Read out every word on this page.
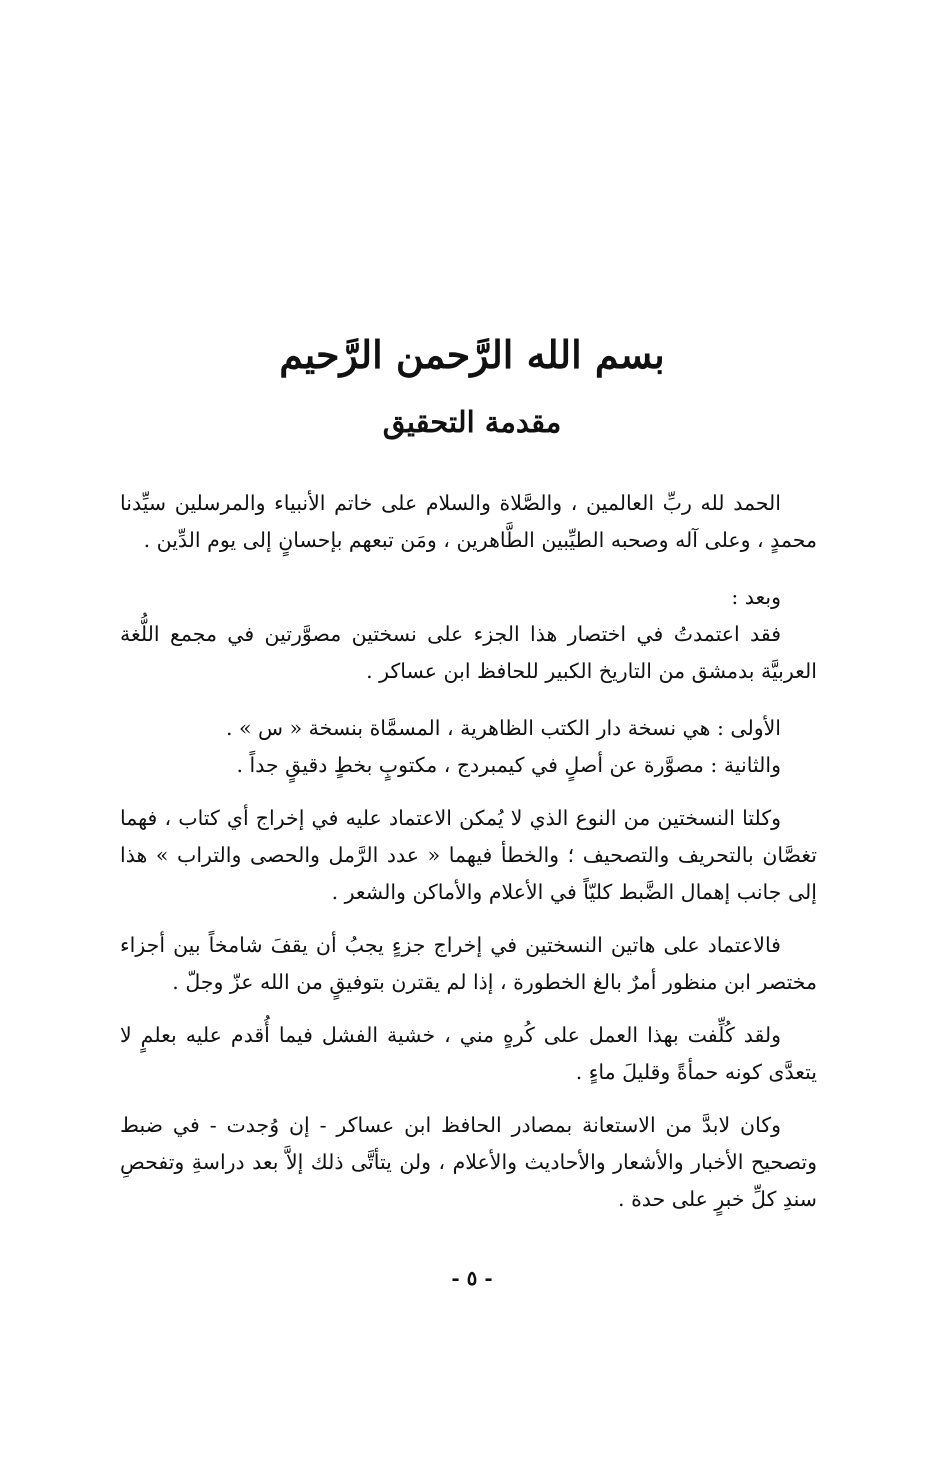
بسم الله الرَّحمن الرَّحيم
مقدمة التحقيق

الحمد لله ربِّ العالمين ، والصَّلاة والسلام على خاتم الأنبياء والمرسلين سيِّدنا محمدٍ ، وعلى آله وصحبه الطيِّبين الطَّاهرين ، ومَن تبعهم بإحسانٍ إلى يوم الدِّين .

وبعد :

فقد اعتمدتُ في اختصار هذا الجزء على نسختين مصوَّرتين في مجمع اللُّغة العربيَّة بدمشق من التاريخ الكبير للحافظ ابن عساكر .

الأولى : هي نسخة دار الكتب الظاهرية ، المسمَّاة بنسخة « س » .

والثانية : مصوَّرة عن أصلٍ في كيمبردج ، مكتوبٍ بخطٍ دقيقٍ جداً .

وكلتا النسختين من النوع الذي لا يُمكن الاعتماد عليه في إخراج أي كتاب ، فهما تغصَّان بالتحريف والتصحيف ؛ والخطأ فيهما « عدد الرَّمل والحصى والتراب » هذا إلى جانب إهمال الضَّبط كليّاً في الأعلام والأماكن والشعر .

فالاعتماد على هاتين النسختين في إخراج جزءٍ يجبُ أن يقفَ شامخاً بين أجزاء مختصر ابن منظور أمرٌ بالغ الخطورة ، إذا لم يقترن بتوفيقٍ من الله عزّ وجلّ .

ولقد كُلِّفت بهذا العمل على كُرهٍ مني ، خشية الفشل فيما أُقدم عليه بعلمٍ لا يتعدَّى كونه حمأةً وقليلَ ماءٍ .

وكان لابدَّ من الاستعانة بمصادر الحافظ ابن عساكر - إن وُجدت - في ضبط وتصحيح الأخبار والأشعار والأحاديث والأعلام ، ولن يتأتَّى ذلك إلاَّ بعد دراسةِ وتفحصِ سندِ كلِّ خبرٍ على حدة .

- ٥ -
